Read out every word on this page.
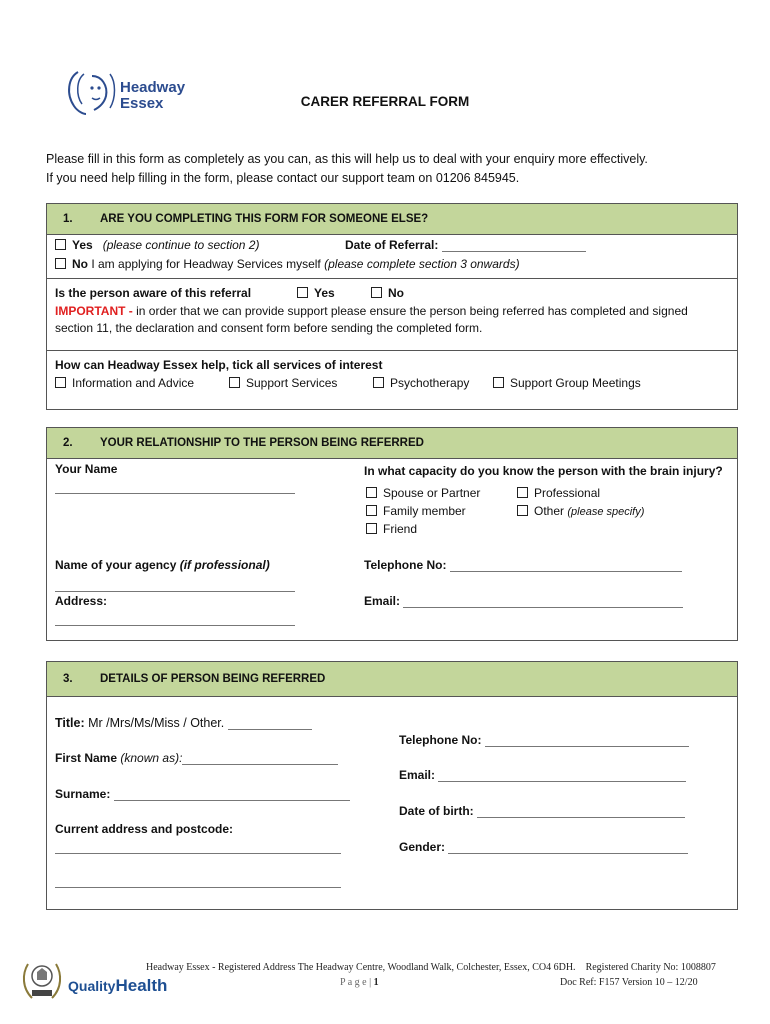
Headway
Essex	CARER REFERRAL FORM
Please fill in this form as completely as you can, as this will help us to deal with your enquiry more effectively.
If you need help filling in the form, please contact our support team on 01206 845945.
1. ARE YOU COMPLETING THIS FORM FOR SOMEONE ELSE?
Yes (please continue to section 2)	Date of Referral:
No I am applying for Headway Services myself (please complete section 3 onwards)
Is the person aware of this referral	Yes	No
IMPORTANT - in order that we can provide support please ensure the person being referred has completed and signed
section 11, the declaration and consent form before sending the completed form.
How can Headway Essex help, tick all services of interest
Information and Advice	Support Services	Psychotherapy	Support Group Meetings
2. YOUR RELATIONSHIP TO THE PERSON BEING REFERRED
Your Name	In what capacity do you know the person with the brain injury?
Spouse or Partner
Family member
Friend
Professional
Other (please specify)
Name of your agency (if professional)	Telephone No:
Address:	Email:
3. DETAILS OF PERSON BEING REFERRED
Title: Mr /Mrs/Ms/Miss / Other.
First Name (known as):
Surname:
Current address and postcode:
Telephone No:
Email:
Date of birth:
Gender:
QualityHealth
Headway Essex - Registered Address The Headway Centre, Woodland Walk, Colchester, Essex, CO4 6DH. Registered Charity No: 1008807
P a g e | 1	Doc Ref: F157 Version 10 – 12/20
